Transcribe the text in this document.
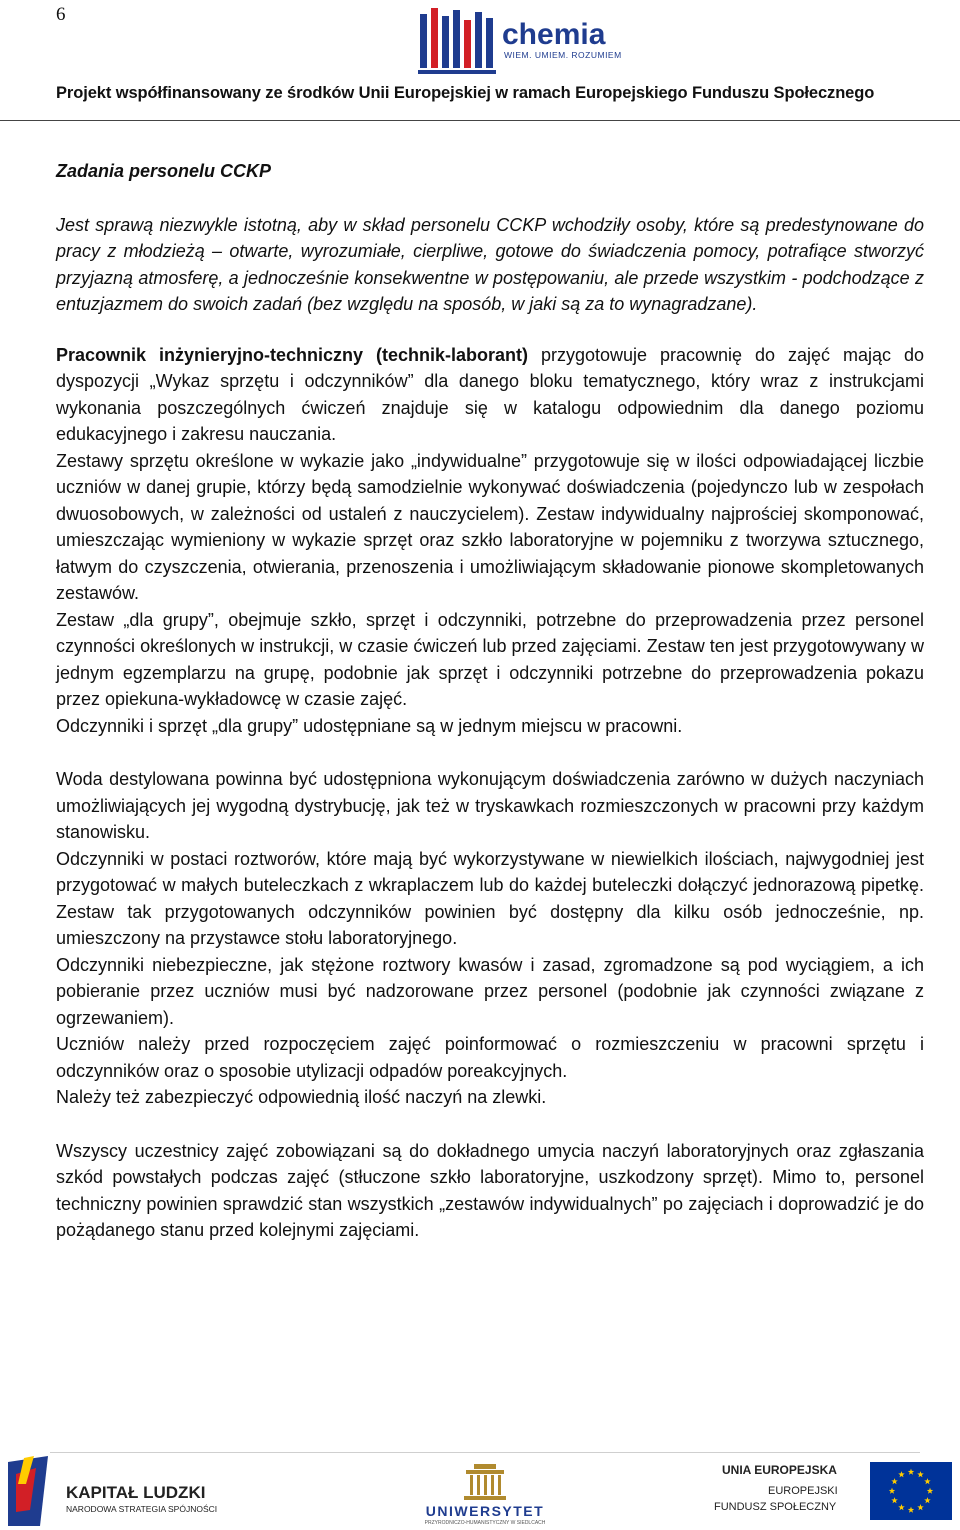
6
chemia
WIEM. UMIEM. ROZUMIEM
Projekt współfinansowany ze środków Unii Europejskiej w ramach Europejskiego Funduszu Społecznego

Zadania personelu CCKP

Jest sprawą niezwykle istotną, aby w skład personelu CCKP wchodziły osoby, które są predestynowane do pracy z młodzieżą – otwarte, wyrozumiałe, cierpliwe, gotowe do świadczenia pomocy, potrafiące stworzyć przyjazną atmosferę, a jednocześnie konsekwentne w postępowaniu, ale przede wszystkim - podchodzące z entuzjazmem do swoich zadań (bez względu na sposób, w jaki są za to wynagradzane).

Pracownik inżynieryjno-techniczny (technik-laborant) przygotowuje pracownię do zajęć mając do dyspozycji „Wykaz sprzętu i odczynników” dla danego bloku tematycznego, który wraz z instrukcjami wykonania poszczególnych ćwiczeń znajduje się w katalogu odpowiednim dla danego poziomu edukacyjnego i zakresu nauczania.

Zestawy sprzętu określone w wykazie jako „indywidualne” przygotowuje się w ilości odpowiadającej liczbie uczniów w danej grupie, którzy będą samodzielnie wykonywać doświadczenia (pojedynczo lub w zespołach dwuosobowych, w zależności od ustaleń z nauczycielem). Zestaw indywidualny najprościej skomponować, umieszczając wymieniony w wykazie sprzęt oraz szkło laboratoryjne w pojemniku z tworzywa sztucznego, łatwym do czyszczenia, otwierania, przenoszenia i umożliwiającym składowanie pionowe skompletowanych zestawów.

Zestaw „dla grupy”, obejmuje szkło, sprzęt i odczynniki, potrzebne do przeprowadzenia przez personel czynności określonych w instrukcji, w czasie ćwiczeń lub przed zajęciami. Zestaw ten jest przygotowywany w jednym egzemplarzu na grupę, podobnie jak sprzęt i odczynniki potrzebne do przeprowadzenia pokazu przez opiekuna-wykładowcę w czasie zajęć.

Odczynniki i sprzęt „dla grupy” udostępniane są w jednym miejscu w pracowni.

Woda destylowana powinna być udostępniona wykonującym doświadczenia zarówno w dużych naczyniach umożliwiających jej wygodną dystrybucję, jak też w tryskawkach rozmieszczonych w pracowni przy każdym stanowisku.

Odczynniki w postaci roztworów, które mają być wykorzystywane w niewielkich ilościach, najwygodniej jest przygotować w małych buteleczkach z wkraplaczem lub do każdej buteleczki dołączyć jednorazową pipetkę. Zestaw tak przygotowanych odczynników powinien być dostępny dla kilku osób jednocześnie, np. umieszczony na przystawce stołu laboratoryjnego.

Odczynniki niebezpieczne, jak stężone roztwory kwasów i zasad, zgromadzone są pod wyciągiem, a ich pobieranie przez uczniów musi być nadzorowane przez personel (podobnie jak czynności związane z ogrzewaniem).

Uczniów należy przed rozpoczęciem zajęć poinformować o rozmieszczeniu w pracowni sprzętu i odczynników oraz o sposobie utylizacji odpadów poreakcyjnych.

Należy też zabezpieczyć odpowiednią ilość naczyń na zlewki.

Wszyscy uczestnicy zajęć zobowiązani są do dokładnego umycia naczyń laboratoryjnych oraz zgłaszania szkód powstałych podczas zajęć (stłuczone szkło laboratoryjne, uszkodzony sprzęt). Mimo to, personel techniczny powinien sprawdzić stan wszystkich „zestawów indywidualnych” po zajęciach i doprowadzić je do pożądanego stanu przed kolejnymi zajęciami.

KAPITAŁ LUDZKI
NARODOWA STRATEGIA SPÓJNOŚCI	UNIWERSYTET
PRZYRODNICZO-HUMANISTYCZNY W SIEDLCACH
UNIA EUROPEJSKA
EUROPEJSKI
FUNDUSZ SPOŁECZNY
